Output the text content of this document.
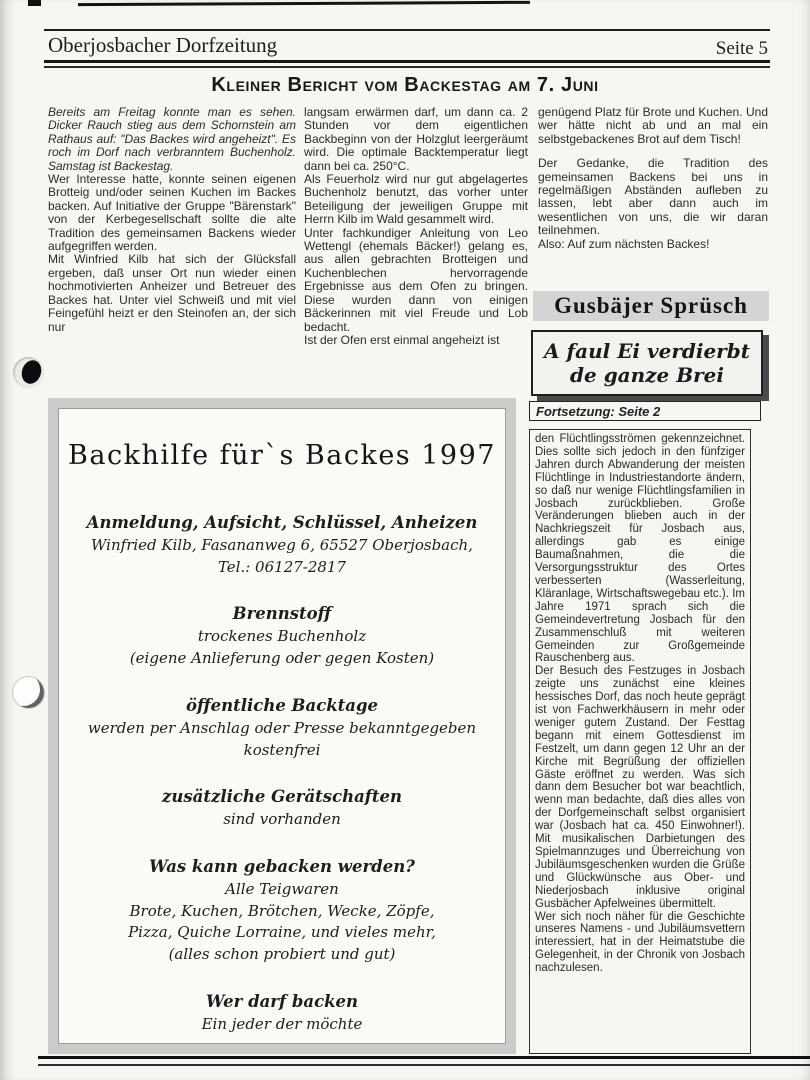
Oberjosbacher Dorfzeitung	Seite 5
Kleiner Bericht vom Backestag am 7. Juni

Bereits am Freitag konnte man es sehen. Dicker Rauch stieg aus dem Schornstein am Rathaus auf: "Das Backes wird angeheizt". Es roch im Dorf nach verbranntem Buchenholz. Samstag ist Backestag.

Wer Interesse hatte, konnte seinen eigenen Brotteig und/oder seinen Kuchen im Backes backen. Auf Initiative der Gruppe "Bärenstark" von der Kerbegesellschaft sollte die alte Tradition des gemeinsamen Backens wieder aufgegriffen werden.

Mit Winfried Kilb hat sich der Glücksfall ergeben, daß unser Ort nun wieder einen hochmotivierten Anheizer und Betreuer des Backes hat. Unter viel Schweiß und mit viel Feingefühl heizt er den Steinofen an, der sich nur

langsam erwärmen darf, um dann ca. 2 Stunden vor dem eigentlichen Backbeginn von der Holzglut leergeräumt wird. Die optimale Backtemperatur liegt dann bei ca. 250°C.

Als Feuerholz wird nur gut abgelagertes Buchenholz benutzt, das vorher unter Beteiligung der jeweiligen Gruppe mit Herrn Kilb im Wald gesammelt wird.

Unter fachkundiger Anleitung von Leo Wettengl (ehemals Bäcker!) gelang es, aus allen gebrachten Brotteigen und Kuchenblechen hervorragende Ergebnisse aus dem Ofen zu bringen. Diese wurden dann von einigen Bäckerinnen mit viel Freude und Lob bedacht.

Ist der Ofen erst einmal angeheizt ist

genügend Platz für Brote und Kuchen. Und wer hätte nicht ab und an mal ein selbstgebackenes Brot auf dem Tisch!

Der Gedanke, die Tradition des gemeinsamen Backens bei uns in regelmäßigen Abständen aufleben zu lassen, lebt aber dann auch im wesentlichen von uns, die wir daran teilnehmen.

Also: Auf zum nächsten Backes!

Gusbäjer Sprüsch
A faul Ei verdierbt
de ganze Brei
Fortsetzung: Seite 2

den Flüchtlingsströmen gekennzeichnet. Dies sollte sich jedoch in den fünfziger Jahren durch Abwanderung der meisten Flüchtlinge in Industriestandorte ändern, so daß nur wenige Flüchtlingsfamilien in Josbach zurückblieben. Große Veränderungen blieben auch in der Nachkriegszeit für Josbach aus, allerdings gab es einige Baumaßnahmen, die die Versorgungsstruktur des Ortes verbesserten (Wasserleitung, Kläranlage, Wirtschaftswegebau etc.). Im Jahre 1971 sprach sich die Gemeindevertretung Josbach für den Zusammenschluß mit weiteren Gemeinden zur Großgemeinde Rauschenberg aus.

Der Besuch des Festzuges in Josbach zeigte uns zunächst eine kleines hessisches Dorf, das noch heute geprägt ist von Fachwerkhäusern in mehr oder weniger gutem Zustand. Der Festtag begann mit einem Gottesdienst im Festzelt, um dann gegen 12 Uhr an der Kirche mit Begrüßung der offiziellen Gäste eröffnet zu werden. Was sich dann dem Besucher bot war beachtlich, wenn man bedachte, daß dies alles von der Dorfgemeinschaft selbst organisiert war (Josbach hat ca. 450 Einwohner!). Mit musikalischen Darbietungen des Spielmannzuges und Überreichung von Jubiläumsgeschenken wurden die Grüße und Glückwünsche aus Ober- und Niederjosbach inklusive original Gusbächer Apfelweines übermittelt.

Wer sich noch näher für die Geschichte unseres Namens - und Jubiläumsvettern interessiert, hat in der Heimatstube die Gelegenheit, in der Chronik von Josbach nachzulesen.

Backhilfe für`s Backes 1997
Anmeldung, Aufsicht, Schlüssel, Anheizen
Winfried Kilb, Fasananweg 6, 65527 Oberjosbach,
Tel.: 06127-2817
Brennstoff
trockenes Buchenholz
(eigene Anlieferung oder gegen Kosten)
öffentliche Backtage
werden per Anschlag oder Presse bekanntgegeben
kostenfrei
zusätzliche Gerätschaften
sind vorhanden
Was kann gebacken werden?
Alle Teigwaren
Brote, Kuchen, Brötchen, Wecke, Zöpfe,
Pizza, Quiche Lorraine, und vieles mehr,
(alles schon probiert und gut)
Wer darf backen
Ein jeder der möchte
